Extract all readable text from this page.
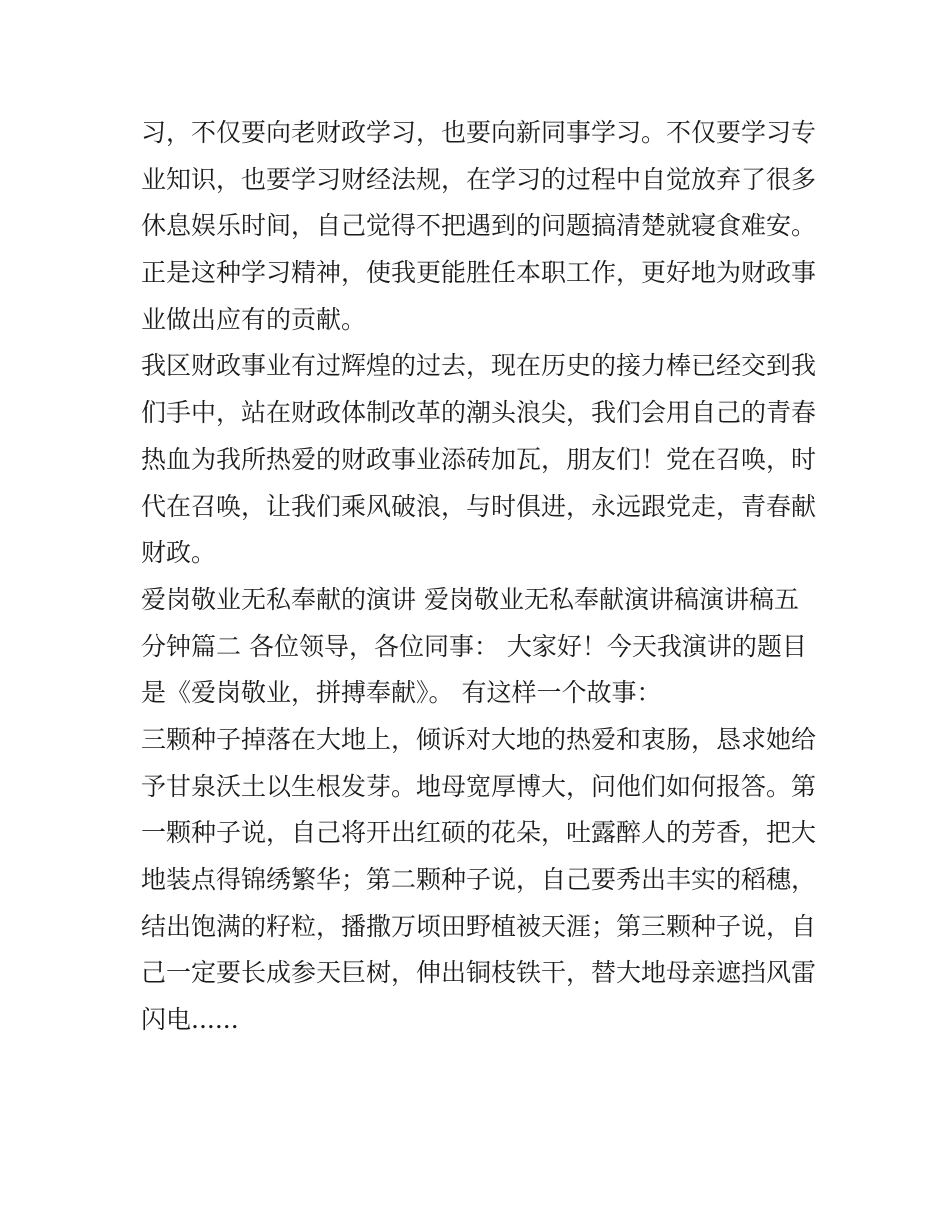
习，不仅要向老财政学习，也要向新同事学习。不仅要学习专
业知识，也要学习财经法规，在学习的过程中自觉放弃了很多
休息娱乐时间，自己觉得不把遇到的问题搞清楚就寝食难安。
正是这种学习精神，使我更能胜任本职工作，更好地为财政事
业做出应有的贡献。
我区财政事业有过辉煌的过去，现在历史的接力棒已经交到我
们手中，站在财政体制改革的潮头浪尖，我们会用自己的青春
热血为我所热爱的财政事业添砖加瓦，朋友们！党在召唤，时
代在召唤，让我们乘风破浪，与时俱进，永远跟党走，青春献
财政。
爱岗敬业无私奉献的演讲 爱岗敬业无私奉献演讲稿演讲稿五
分钟篇二 各位领导，各位同事： 大家好！今天我演讲的题目
是《爱岗敬业，拼搏奉献》。 有这样一个故事：
三颗种子掉落在大地上，倾诉对大地的热爱和衷肠，恳求她给
予甘泉沃土以生根发芽。地母宽厚博大，问他们如何报答。第
一颗种子说，自己将开出红硕的花朵，吐露醉人的芳香，把大
地装点得锦绣繁华；第二颗种子说，自己要秀出丰实的稻穗，
结出饱满的籽粒，播撒万顷田野植被天涯；第三颗种子说，自
己一定要长成参天巨树，伸出铜枝铁干，替大地母亲遮挡风雷
闪电......
